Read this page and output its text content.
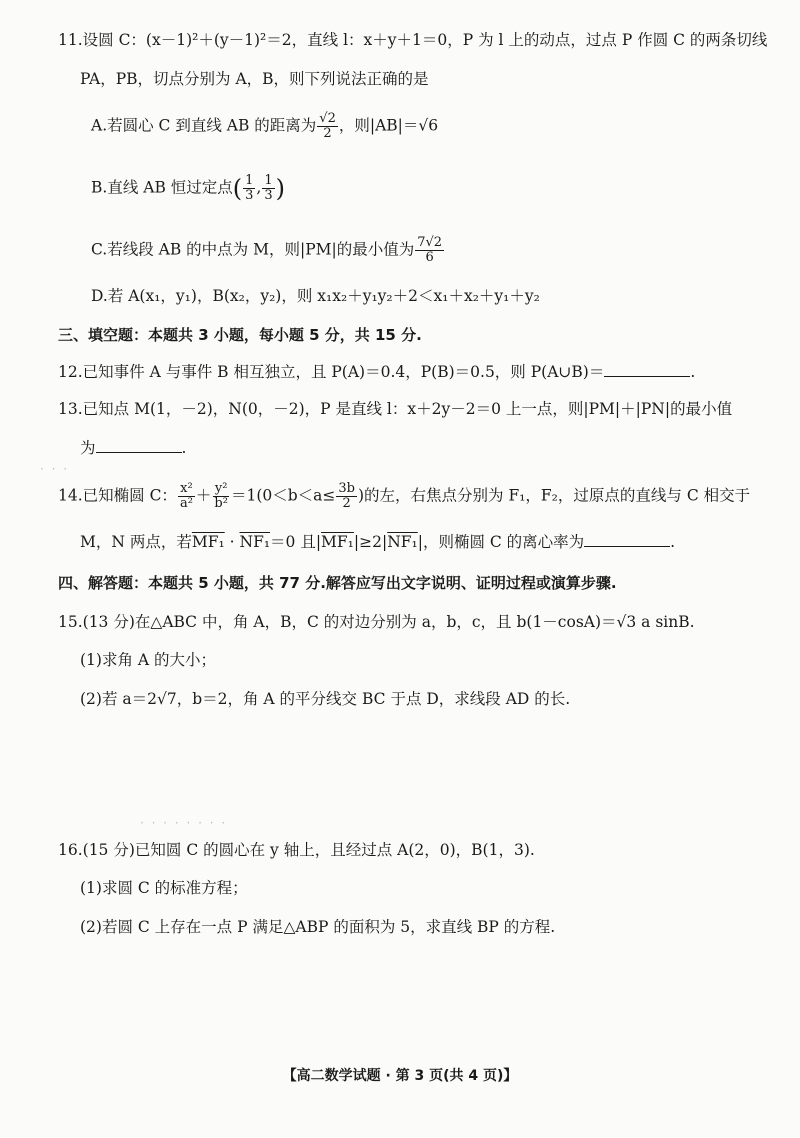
11.设圆 C：(x－1)²＋(y－1)²＝2，直线 l：x＋y＋1＝0，P 为 l 上的动点，过点 P 作圆 C 的两条切线
PA，PB，切点分别为 A，B，则下列说法正确的是
A.若圆心 C 到直线 AB 的距离为 $\frac{√2}{2}$ ，则|AB|＝√6
B.直线 AB 恒过定点( $\frac{1}{3}$ , $\frac{1}{3}$ )
C.若线段 AB 的中点为 M，则|PM|的最小值为 $\frac{7√2}{6}$
D.若 A(x₁，y₁)，B(x₂，y₂)，则 x₁x₂＋y₁y₂＋2＜x₁＋x₂＋y₁＋y₂
三、填空题：本题共 3 小题，每小题 5 分，共 15 分.
12.已知事件 A 与事件 B 相互独立，且 P(A)＝0.4，P(B)＝0.5，则 P(A∪B)＝	.
13.已知点 M(1，－2)，N(0，－2)，P 是直线 l：x＋2y－2＝0 上一点，则|PM|＋|PN|的最小值
为	.
· · ·
14.已知椭圆 C： $\frac{\text{x²}}{\text{a²}} + \frac{\text{y²}}{\text{b²}} =1(0<b<a\le \frac{3b}{2}$ )的左，右焦点分别为 F₁，F₂，过原点的直线与 C 相交于
M，N 两点，若MF₁ · NF₁＝0 且|MF₁|≥2|NF₁|，则椭圆 C 的离心率为	.
四、解答题：本题共 5 小题，共 77 分.解答应写出文字说明、证明过程或演算步骤.
15.(13 分)在△ABC 中，角 A，B，C 的对边分别为 a，b，c，且 b(1－cosA)＝√3 a sinB.
(1)求角 A 的大小；
(2)若 a＝2√7，b＝2，角 A 的平分线交 BC 于点 D，求线段 AD 的长.
· · · · · · · ·
16.(15 分)已知圆 C 的圆心在 y 轴上，且经过点 A(2，0)，B(1，3).
(1)求圆 C 的标准方程；
(2)若圆 C 上存在一点 P 满足△ABP 的面积为 5，求直线 BP 的方程.
【高二数学试题 · 第 3 页(共 4 页)】
